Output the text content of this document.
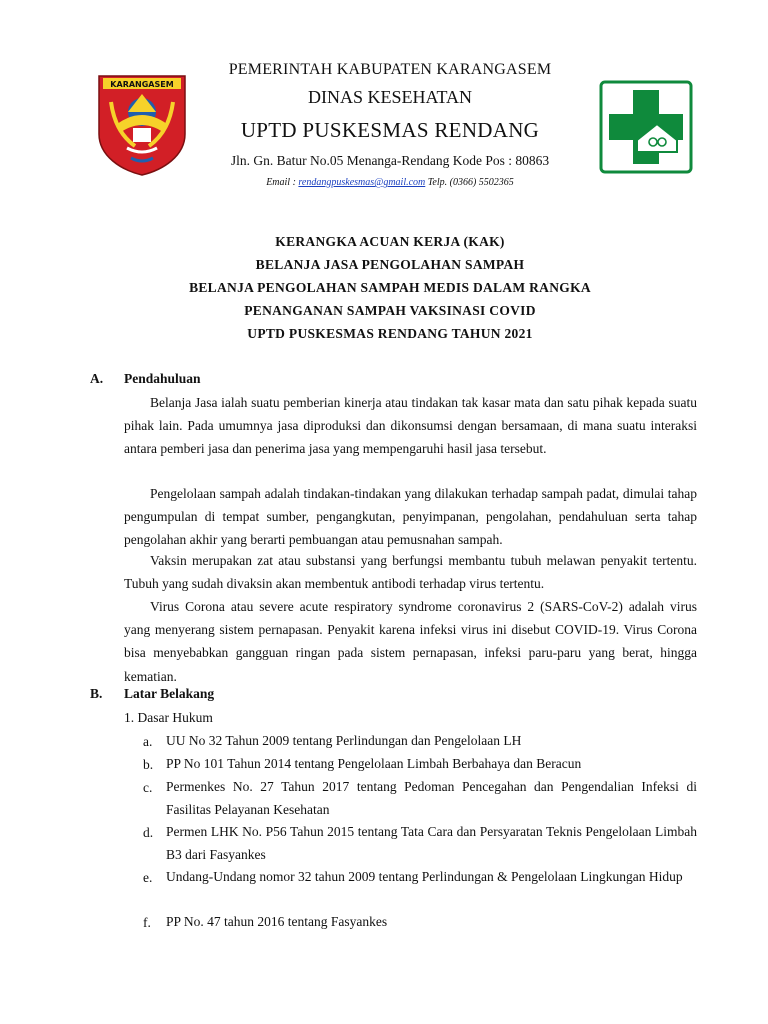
KARANGASEM
PEMERINTAH KABUPATEN KARANGASEM
DINAS KESEHATAN
UPTD PUSKESMAS RENDANG
Jln. Gn. Batur No.05 Menanga-Rendang Kode Pos : 80863
Email : rendangpuskesmas@gmail.com Telp. (0366) 5502365
KERANGKA ACUAN KERJA (KAK)
BELANJA JASA PENGOLAHAN SAMPAH
BELANJA PENGOLAHAN SAMPAH MEDIS DALAM RANGKA
PENANGANAN SAMPAH VAKSINASI COVID
UPTD PUSKESMAS RENDANG TAHUN 2021
A. Pendahuluan

Belanja Jasa ialah suatu pemberian kinerja atau tindakan tak kasar mata dan satu pihak kepada suatu pihak lain. Pada umumnya jasa diproduksi dan dikonsumsi dengan bersamaan, di mana suatu interaksi antara pemberi jasa dan penerima jasa yang mempengaruhi hasil jasa tersebut.

Pengelolaan sampah adalah tindakan-tindakan yang dilakukan terhadap sampah padat, dimulai tahap pengumpulan di tempat sumber, pengangkutan, penyimpanan, pengolahan, pendahuluan serta tahap pengolahan akhir yang berarti pembuangan atau pemusnahan sampah.

Vaksin merupakan zat atau substansi yang berfungsi membantu tubuh melawan penyakit tertentu. Tubuh yang sudah divaksin akan membentuk antibodi terhadap virus tertentu.

Virus Corona atau severe acute respiratory syndrome coronavirus 2 (SARS-CoV-2) adalah virus yang menyerang sistem pernapasan. Penyakit karena infeksi virus ini disebut COVID-19. Virus Corona bisa menyebabkan gangguan ringan pada sistem pernapasan, infeksi paru-paru yang berat, hingga kematian.

B. Latar Belakang
1. Dasar Hukum
a. UU No 32 Tahun 2009 tentang Perlindungan dan Pengelolaan LH

b. PP No 101 Tahun 2014 tentang Pengelolaan Limbah Berbahaya dan Beracun

c. Permenkes No. 27 Tahun 2017 tentang Pedoman Pencegahan dan Pengendalian Infeksi di Fasilitas Pelayanan Kesehatan

d. Permen LHK No. P56 Tahun 2015 tentang Tata Cara dan Persyaratan Teknis Pengelolaan Limbah B3 dari Fasyankes

e. Undang-Undang nomor 32 tahun 2009 tentang Perlindungan & Pengelolaan Lingkungan Hidup

f. PP No. 47 tahun 2016 tentang Fasyankes
